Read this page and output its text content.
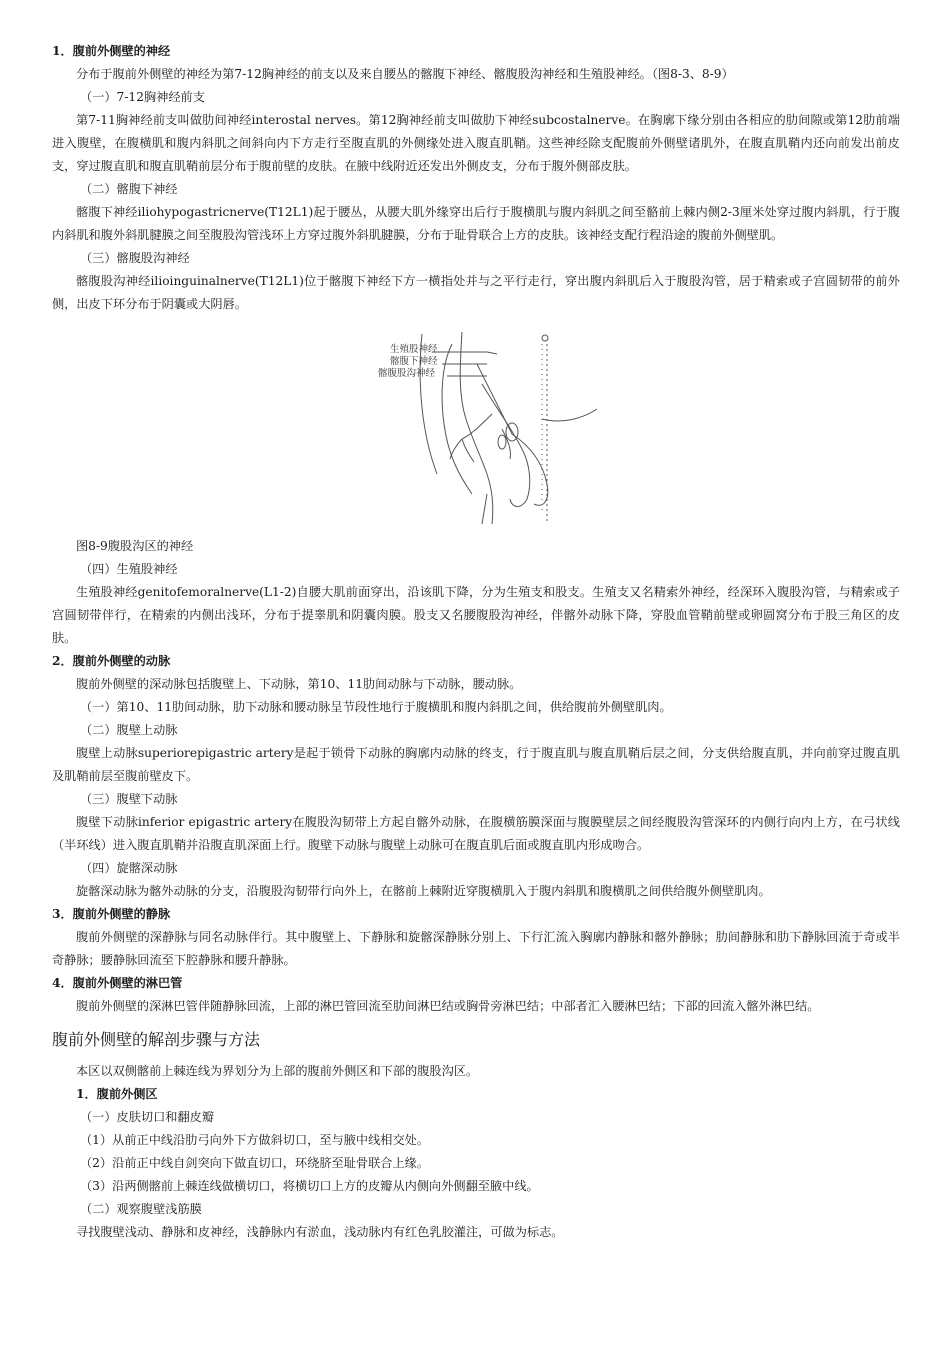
1．腹前外侧壁的神经

分布于腹前外侧壁的神经为第7-12胸神经的前支以及来自腰丛的髂腹下神经、髂腹股沟神经和生殖股神经。（图8-3、8-9）

（一）7-12胸神经前支

第7-11胸神经前支叫做肋间神经interostal nerves。第12胸神经前支叫做肋下神经subcostalnerve。在胸廓下缘分别由各相应的肋间隙或第12肋前端进入腹壁，在腹横肌和腹内斜肌之间斜向内下方走行至腹直肌的外侧缘处进入腹直肌鞘。这些神经除支配腹前外侧壁诸肌外，在腹直肌鞘内还向前发出前皮支，穿过腹直肌和腹直肌鞘前层分布于腹前壁的皮肤。在腋中线附近还发出外侧皮支，分布于腹外侧部皮肤。

（二）髂腹下神经

髂腹下神经iliohypogastricnerve(T12L1)起于腰丛，从腰大肌外缘穿出后行于腹横肌与腹内斜肌之间至骼前上棘内侧2-3厘米处穿过腹内斜肌，行于腹内斜肌和腹外斜肌腱膜之间至腹股沟管浅环上方穿过腹外斜肌腱膜，分布于耻骨联合上方的皮肤。该神经支配行程沿途的腹前外侧壁肌。

（三）髂腹股沟神经

髂腹股沟神经ilioinguinalnerve(T12L1)位于髂腹下神经下方一横指处并与之平行走行，穿出腹内斜肌后入于腹股沟管，居于精索或子宫圆韧带的前外侧，出皮下环分布于阴囊或大阴唇。

生殖股神经
髂腹下神经
髂腹股沟神经

图8-9腹股沟区的神经

（四）生殖股神经

生殖股神经genitofemoralnerve(L1-2)自腰大肌前面穿出，沿该肌下降，分为生殖支和股支。生殖支又名精索外神经，经深环入腹股沟管，与精索或子宫圆韧带伴行，在精索的内侧出浅环，分布于提睾肌和阴囊肉膜。股支又名腰腹股沟神经，伴髂外动脉下降，穿股血管鞘前壁或卵圆窝分布于股三角区的皮肤。

2．腹前外侧壁的动脉

腹前外侧壁的深动脉包括腹壁上、下动脉，第10、11肋间动脉与下动脉，腰动脉。

（一）第10、11肋间动脉，肋下动脉和腰动脉呈节段性地行于腹横肌和腹内斜肌之间，供给腹前外侧壁肌肉。

（二）腹壁上动脉

腹壁上动脉superiorepigastric artery是起于锁骨下动脉的胸廓内动脉的终支，行于腹直肌与腹直肌鞘后层之间，分支供给腹直肌，并向前穿过腹直肌及肌鞘前层至腹前壁皮下。

（三）腹壁下动脉

腹壁下动脉inferior epigastric artery在腹股沟韧带上方起自髂外动脉，在腹横筋膜深面与腹膜壁层之间经腹股沟管深环的内侧行向内上方，在弓状线（半环线）进入腹直肌鞘并沿腹直肌深面上行。腹壁下动脉与腹壁上动脉可在腹直肌后面或腹直肌内形成吻合。

（四）旋髂深动脉

旋髂深动脉为髂外动脉的分支，沿腹股沟韧带行向外上，在髂前上棘附近穿腹横肌入于腹内斜肌和腹横肌之间供给腹外侧壁肌肉。

3．腹前外侧壁的静脉

腹前外侧壁的深静脉与同名动脉伴行。其中腹壁上、下静脉和旋髂深静脉分别上、下行汇流入胸廓内静脉和髂外静脉；肋间静脉和肋下静脉回流于奇或半奇静脉；腰静脉回流至下腔静脉和腰升静脉。

4．腹前外侧壁的淋巴管

腹前外侧壁的深淋巴管伴随静脉回流，上部的淋巴管回流至肋间淋巴结或胸骨旁淋巴结；中部者汇入腰淋巴结；下部的回流入髂外淋巴结。

腹前外侧壁的解剖步骤与方法

本区以双侧髂前上棘连线为界划分为上部的腹前外侧区和下部的腹股沟区。

1．腹前外侧区

（一）皮肤切口和翻皮瓣

（1）从前正中线沿肋弓向外下方做斜切口，至与腋中线相交处。

（2）沿前正中线自剑突向下做直切口，环绕脐至耻骨联合上缘。

（3）沿两侧髂前上棘连线做横切口，将横切口上方的皮瓣从内侧向外侧翻至腋中线。

（二）观察腹壁浅筋膜

寻找腹壁浅动、静脉和皮神经，浅静脉内有淤血，浅动脉内有红色乳胶灌注，可做为标志。
